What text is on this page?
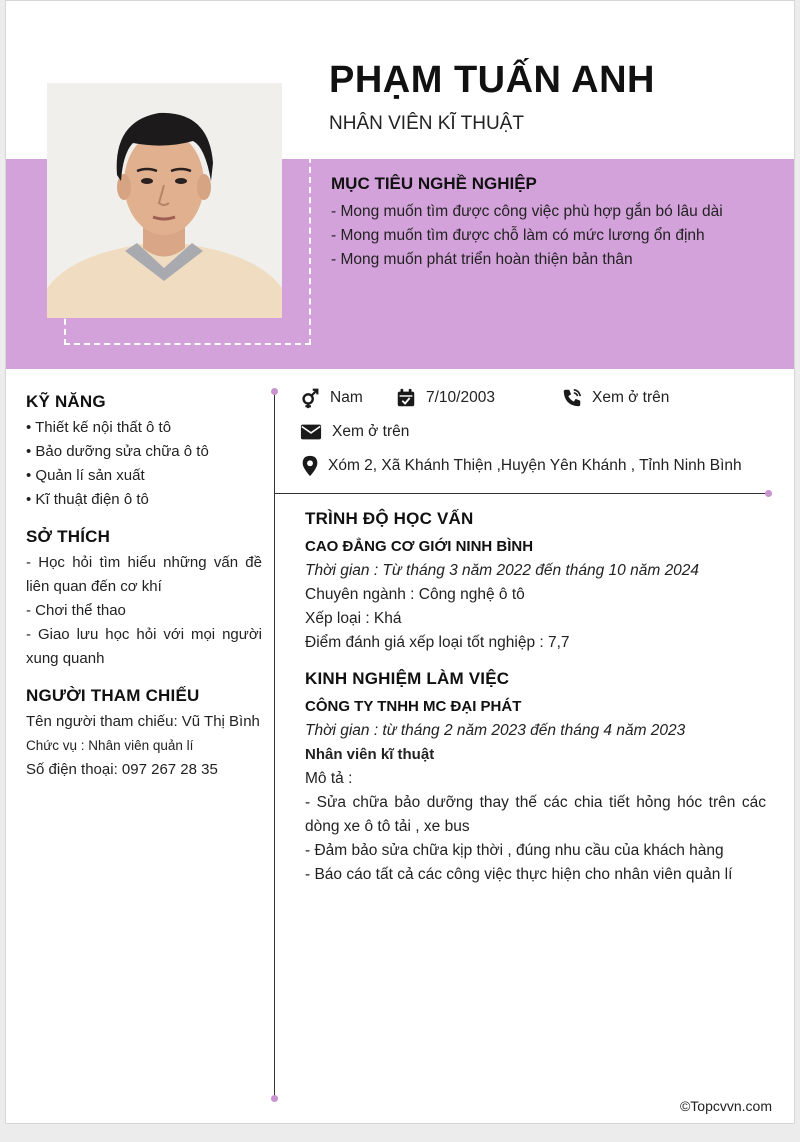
PHẠM TUẤN ANH
NHÂN VIÊN KĨ THUẬT
MỤC TIÊU NGHỀ NGHIỆP
- Mong muốn tìm được công việc phù hợp gắn bó lâu dài
- Mong muốn tìm được chỗ làm có mức lương ổn định
- Mong muốn phát triển hoàn thiện bản thân
KỸ NĂNG
• Thiết kế nội thất ô tô
• Bảo dưỡng sửa chữa ô tô
• Quản lí sản xuất
• Kĩ thuật điện ô tô
SỞ THÍCH
- Học hỏi tìm hiểu những vấn đề liên quan đến cơ khí
- Chơi thể thao
- Giao lưu học hỏi với mọi người xung quanh
NGƯỜI THAM CHIẾU
Tên người tham chiếu: Vũ Thị Bình
Chức vụ : Nhân viên quản lí
Số điện thoại: 097 267 28 35
Nam	7/10/2003	Xem ở trên
Xem ở trên
Xóm 2, Xã Khánh Thiện ,Huyện Yên Khánh , Tỉnh Ninh Bình
TRÌNH ĐỘ HỌC VẤN
CAO ĐẲNG CƠ GIỚI NINH BÌNH
Thời gian : Từ tháng 3 năm 2022 đến tháng 10 năm 2024
Chuyên ngành : Công nghệ ô tô
Xếp loại : Khá
Điểm đánh giá xếp loại tốt nghiệp : 7,7
KINH NGHIỆM LÀM VIỆC
CÔNG TY TNHH MC ĐẠI PHÁT
Thời gian : từ tháng 2 năm 2023 đến tháng 4 năm 2023
Nhân viên kĩ thuật
Mô tả :
- Sửa chữa bảo dưỡng thay thế các chia tiết hỏng hóc trên các dòng xe ô tô tải , xe bus
- Đảm bảo sửa chữa kịp thời , đúng nhu cầu của khách hàng
- Báo cáo tất cả các công việc thực hiện cho nhân viên quản lí
©Topcvvn.com
